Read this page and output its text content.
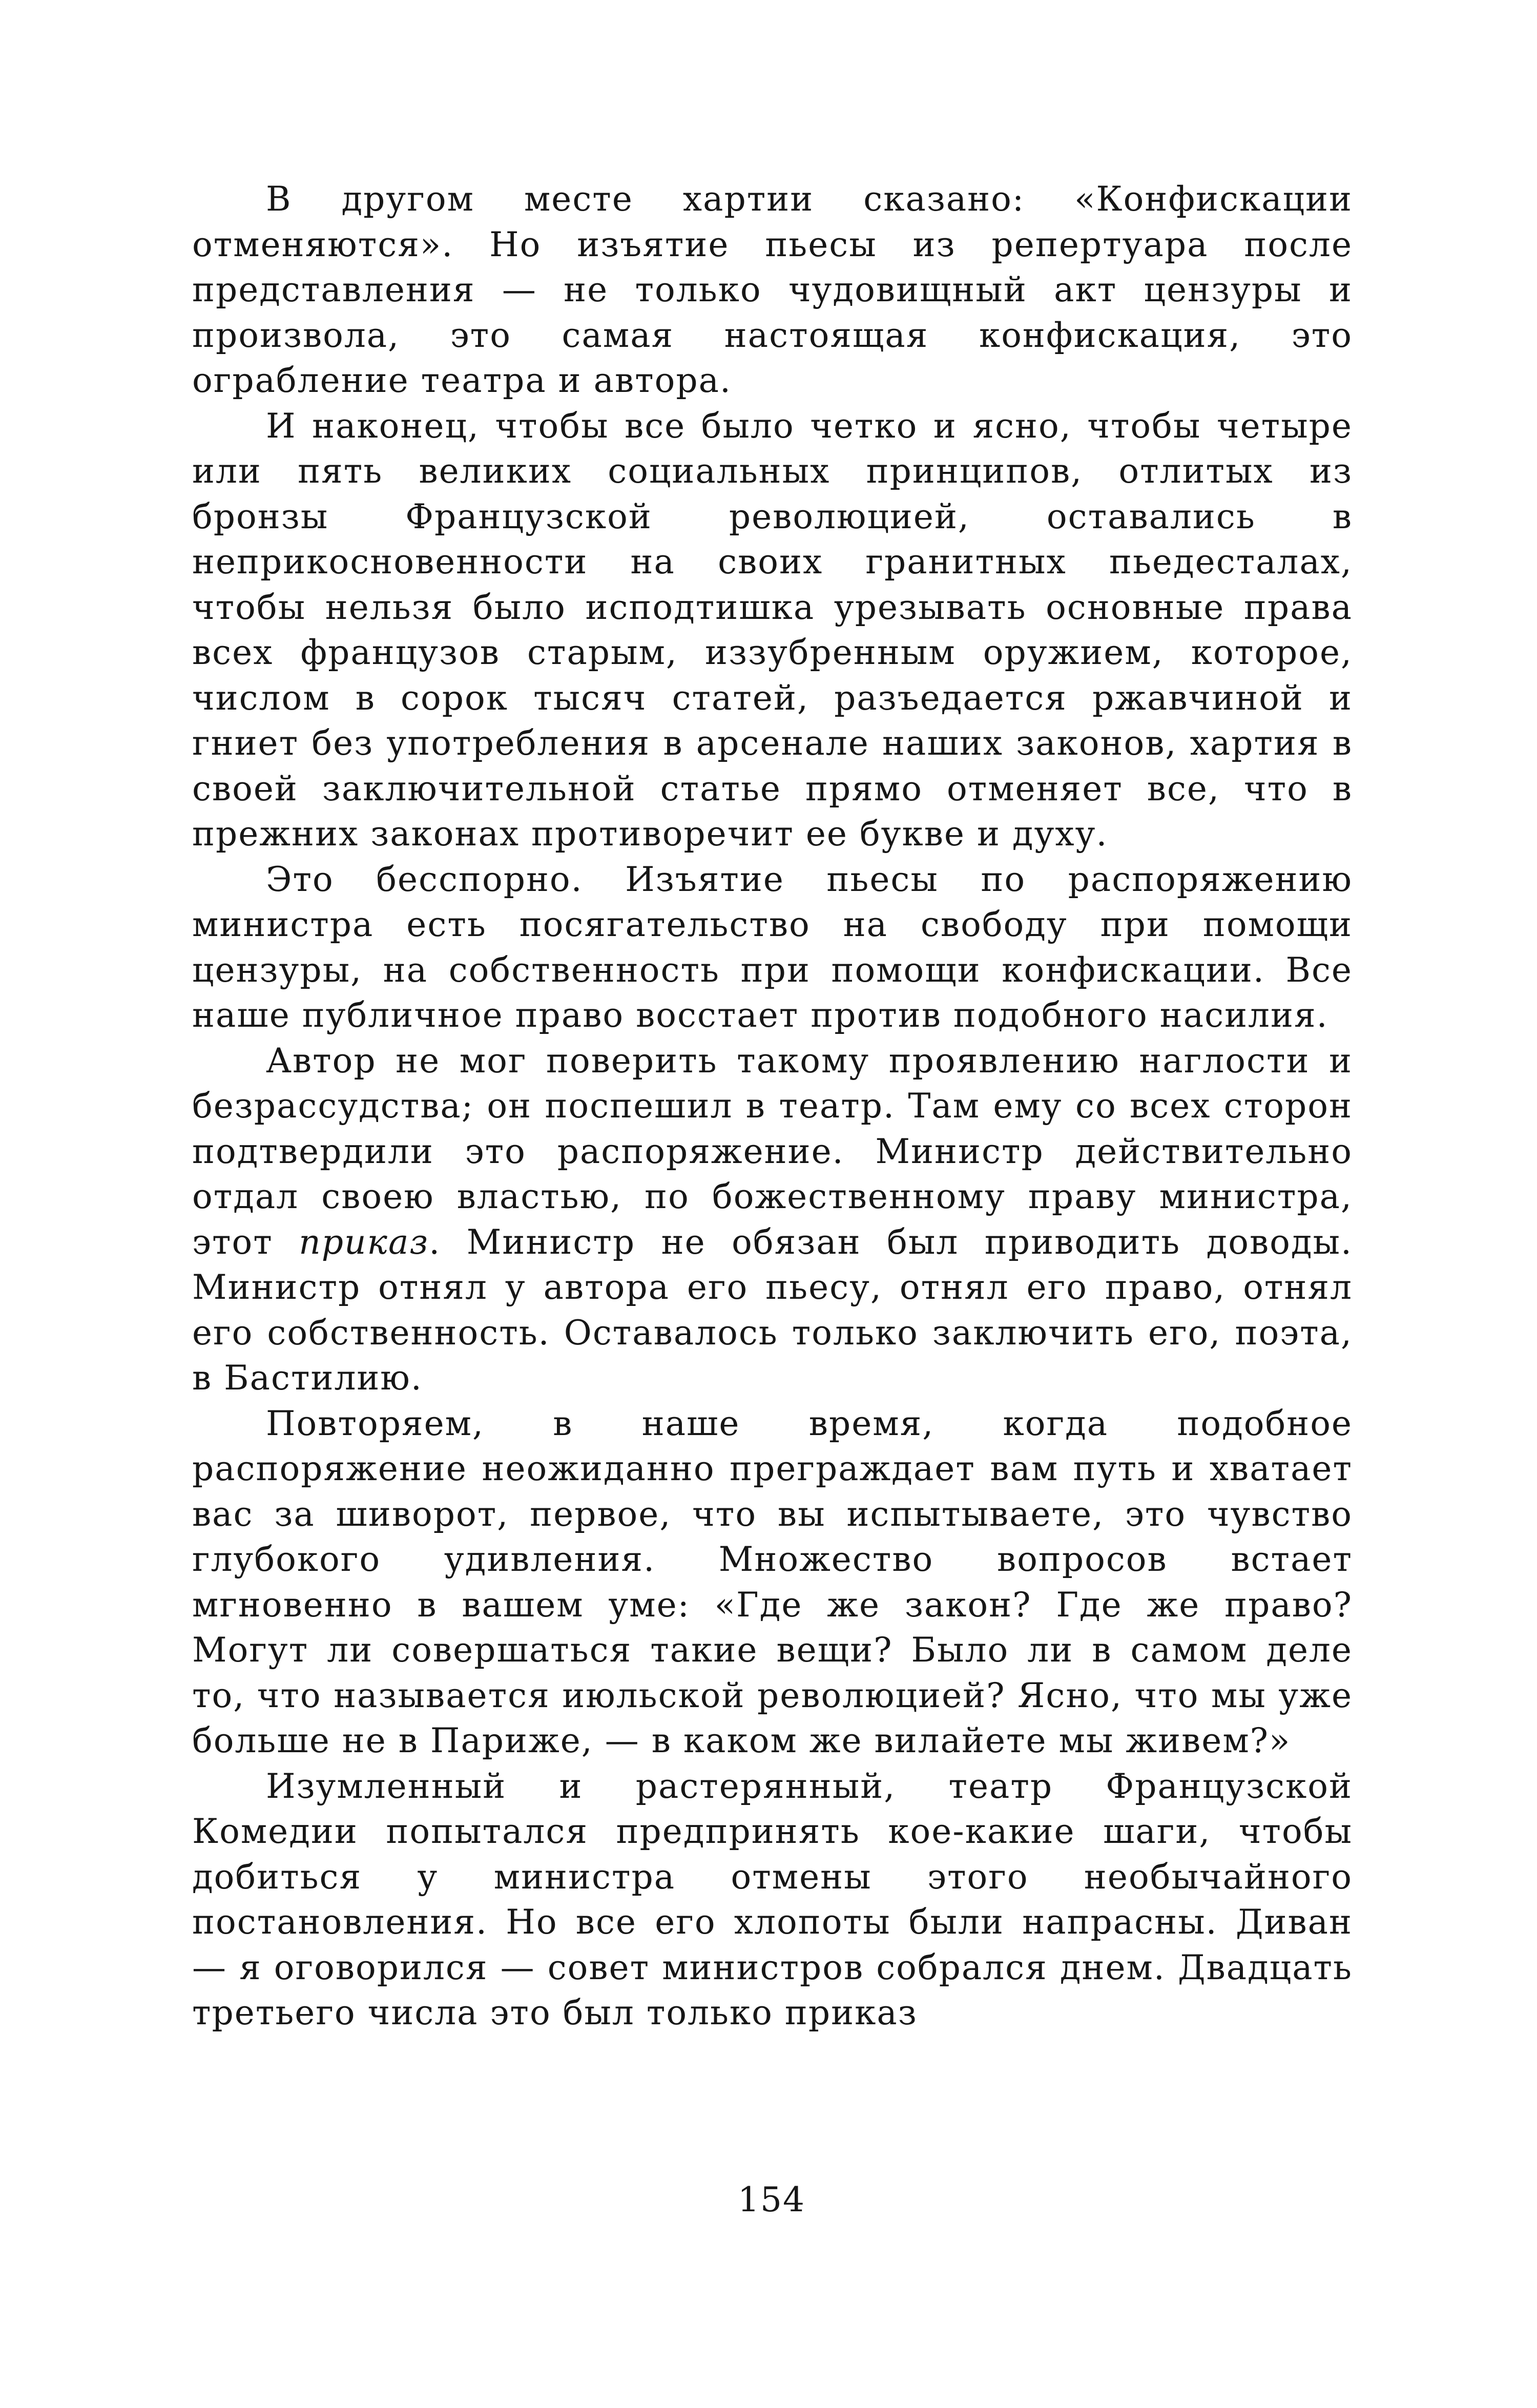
В другом месте хартии сказано: «Конфискации отменяются». Но изъятие пьесы из репертуара после представления — не только чудовищный акт цензуры и произвола, это самая настоящая конфискация, это ограбление театра и автора.

И наконец, чтобы все было четко и ясно, чтобы четыре или пять великих социальных принципов, отлитых из бронзы Французской революцией, оставались в неприкосновенности на своих гранитных пьедесталах, чтобы нельзя было исподтишка урезывать основные права всех французов старым, иззубренным оружием, которое, числом в сорок тысяч статей, разъедается ржавчиной и гниет без употребления в арсенале наших законов, хартия в своей заключительной статье прямо отменяет все, что в прежних законах противоречит ее букве и духу.

Это бесспорно. Изъятие пьесы по распоряжению министра есть посягательство на свободу при помощи цензуры, на собственность при помощи конфискации. Все наше публичное право восстает против подобного насилия.

Автор не мог поверить такому проявлению наглости и безрассудства; он поспешил в театр. Там ему со всех сторон подтвердили это распоряжение. Министр действительно отдал своею властью, по божественному праву министра, этот приказ. Министр не обязан был приводить доводы. Министр отнял у автора его пьесу, отнял его право, отнял его собственность. Оставалось только заключить его, поэта, в Бастилию.

Повторяем, в наше время, когда подобное распоряжение неожиданно преграждает вам путь и хватает вас за шиворот, первое, что вы испытываете, это чувство глубокого удивления. Множество вопросов встает мгновенно в вашем уме: «Где же закон? Где же право? Могут ли совершаться такие вещи? Было ли в самом деле то, что называется июльской революцией? Ясно, что мы уже больше не в Париже, — в каком же вилайете мы живем?»

Изумленный и растерянный, театр Французской Комедии попытался предпринять кое-какие шаги, чтобы добиться у министра отмены этого необычайного постановления. Но все его хлопоты были напрасны. Диван — я оговорился — совет министров собрался днем. Двадцать третьего числа это был только приказ

154
